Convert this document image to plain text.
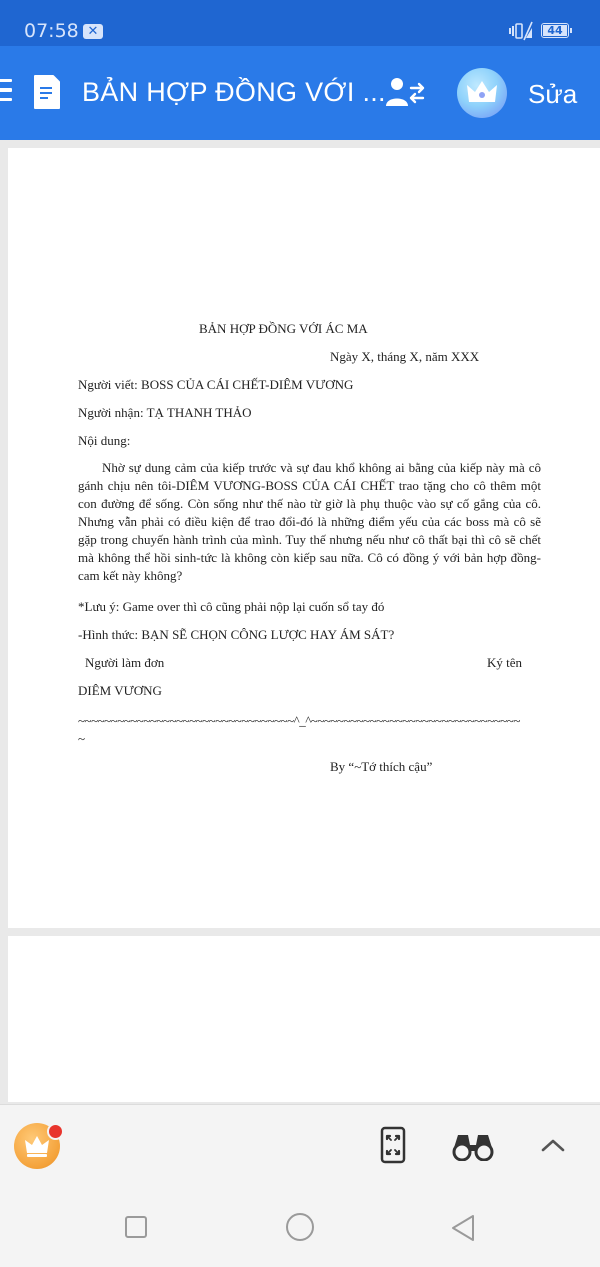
07:58 ✕	44
BẢN HỢP ĐỒNG VỚI ...	Sửa
BẢN HỢP ĐỒNG VỚI ÁC MA
Ngày X, tháng X, năm XXX
Người viết: BOSS CỦA CÁI CHẾT-DIÊM VƯƠNG
Người nhận: TẠ THANH THẢO
Nội dung:
Nhờ sự dung cảm của kiếp trước và sự đau khổ không ai bằng của kiếp này mà cô gánh chịu nên tôi-DIÊM VƯƠNG-BOSS CỦA CÁI CHẾT trao tặng cho cô thêm một con đường để sống. Còn sống như thế nào từ giờ là phụ thuộc vào sự cố gắng của cô. Nhưng vẫn phải có điều kiện để trao đổi-đó là những điểm yếu của các boss mà cô sẽ gặp trong chuyến hành trình của mình. Tuy thế nhưng nếu như cô thất bại thì cô sẽ chết mà không thể hồi sinh-tức là không còn kiếp sau nữa. Cô có đồng ý với bản hợp đồng-cam kết này không?
*Lưu ý: Game over thì cô cũng phải nộp lại cuốn sổ tay đó
-Hình thức: BẠN SẼ CHỌN CÔNG LƯỢC HAY ÁM SÁT?
Người làm đơn	Ký tên
DIÊM VƯƠNG
~~~~~~~~~~~~~~~~~~~~~~~~~~~~~~~~~^_^~~~~~~~~~~~~~~~~~~~~~~~~~~~~~~~~
~
By “~Tớ thích cậu”
